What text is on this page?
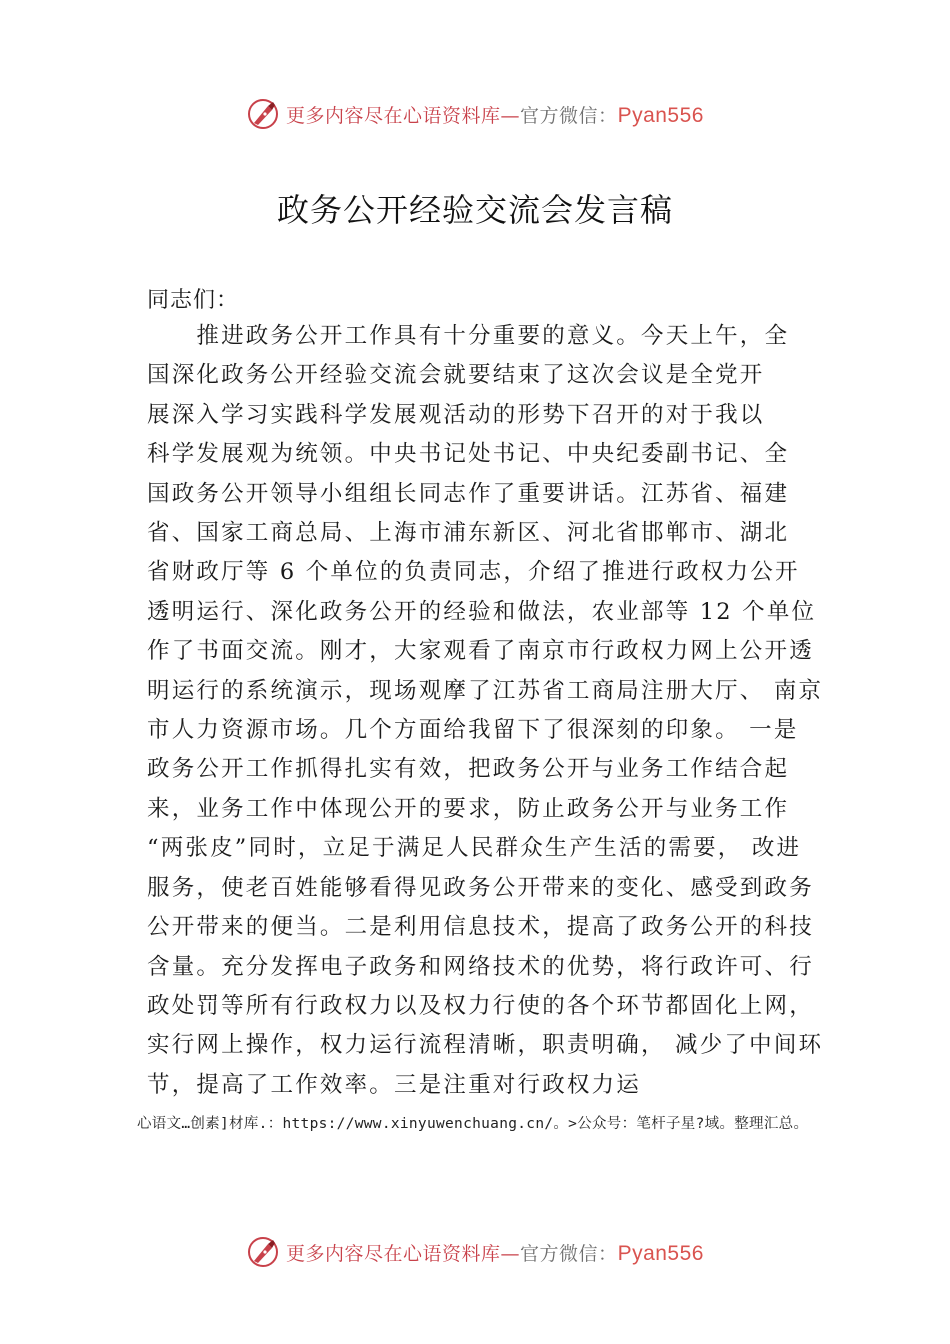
更多内容尽在心语资料库—官方微信：Pyan556
政务公开经验交流会发言稿
同志们：
　　推进政务公开工作具有十分重要的意义。今天上午，全
国深化政务公开经验交流会就要结束了这次会议是全党开
展深入学习实践科学发展观活动的形势下召开的对于我以
科学发展观为统领。中央书记处书记、中央纪委副书记、全
国政务公开领导小组组长同志作了重要讲话。江苏省、福建
省、国家工商总局、上海市浦东新区、河北省邯郸市、湖北
省财政厅等 6 个单位的负责同志，介绍了推进行政权力公开
透明运行、深化政务公开的经验和做法，农业部等 12 个单位
作了书面交流。刚才，大家观看了南京市行政权力网上公开透
明运行的系统演示，现场观摩了江苏省工商局注册大厅、 南京
市人力资源市场。几个方面给我留下了很深刻的印象。 一是
政务公开工作抓得扎实有效，把政务公开与业务工作结合起
来，业务工作中体现公开的要求，防止政务公开与业务工作
“两张皮”同时，立足于满足人民群众生产生活的需要， 改进
服务，使老百姓能够看得见政务公开带来的变化、感受到政务
公开带来的便当。二是利用信息技术，提高了政务公开的科技
含量。充分发挥电子政务和网络技术的优势，将行政许可、行
政处罚等所有行政权力以及权力行使的各个环节都固化上网，
实行网上操作，权力运行流程清晰，职责明确， 减少了中间环
节，提高了工作效率。三是注重对行政权力运
心语文…创素]材库.：https://www.xinyuwenchuang.cn/。>公众号：笔杆子星?域。整理汇总。
更多内容尽在心语资料库—官方微信：Pyan556
